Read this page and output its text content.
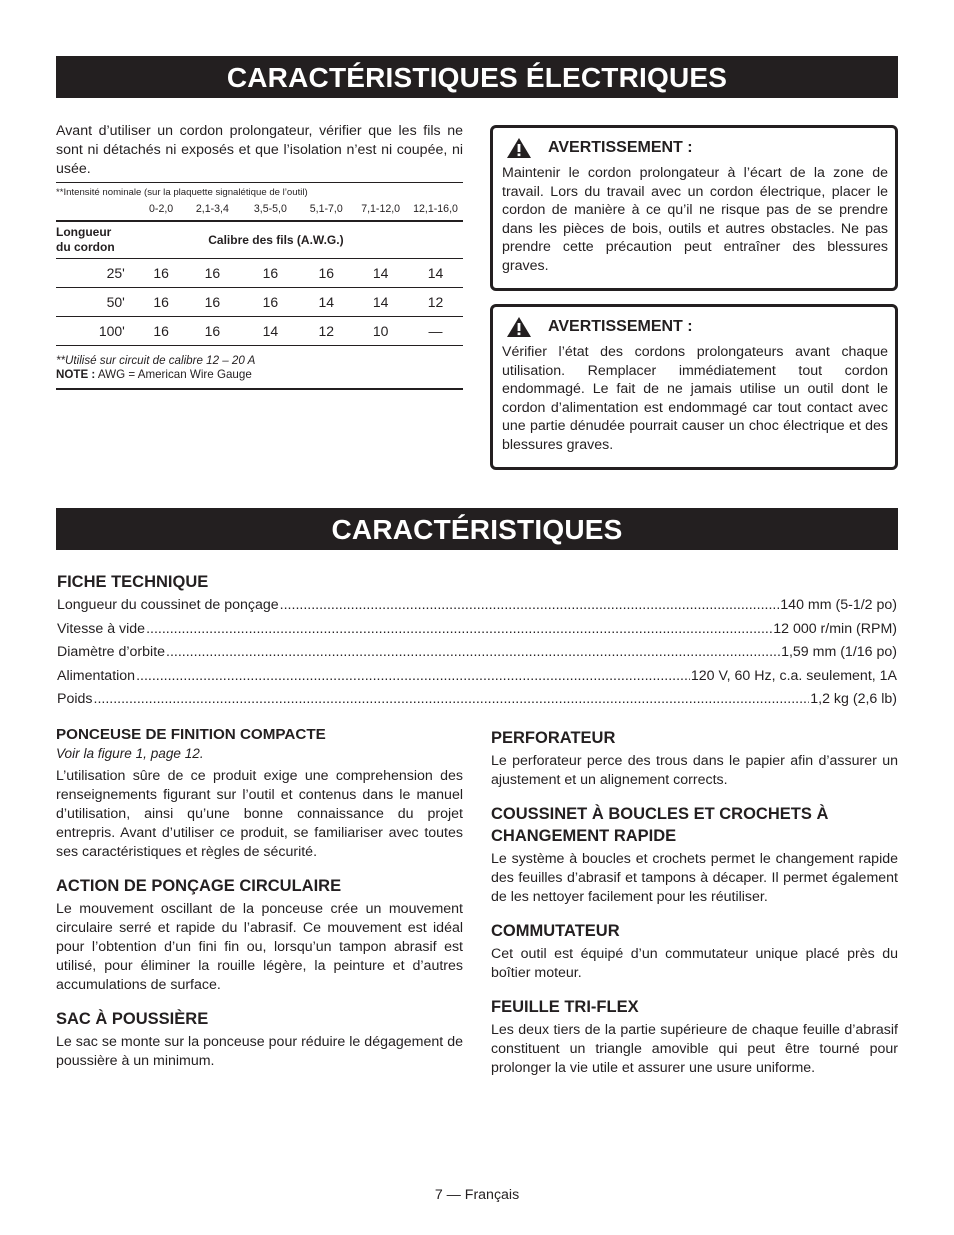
CARACTÉRISTIQUES ÉLECTRIQUES

Avant d’utiliser un cordon prolongateur, vérifier que les fils ne sont ni détachés ni exposés et que l’isolation n’est ni coupée, ni usée.

**Intensité nominale (sur la plaquette signalétique de l’outil)						
	0-2,0	2,1-3,4	3,5-5,0	5,1-7,0	7,1-12,0	12,1-16,0

Longueur
du cordon	Calibre des fils (A.W.G.)					
25'	16	16	16	16	14	14
50'	16	16	16	14	14	12
100'	16	16	14	12	10	—

**Utilisé sur circuit de calibre 12 – 20 A
NOTE : AWG = American Wire Gauge						
AVERTISSEMENT :

Maintenir le cordon prolongateur à l’écart de la zone de travail. Lors du travail avec un cordon électrique, placer le cordon de manière à ce qu’il ne risque pas de se prendre dans les pièces de bois, outils et autres obstacles. Ne pas prendre cette précaution peut entraîner des blessures graves.

AVERTISSEMENT :

Vérifier l’état des cordons prolongateurs avant chaque utilisation. Remplacer immédiatement tout cordon endommagé. Le fait de ne jamais utilise un outil dont le cordon d’alimentation est endommagé car tout contact avec une partie dénudée pourrait causer un choc électrique et des blessures graves.

CARACTÉRISTIQUES
FICHE TECHNIQUE
Longueur du coussinet de ponçage .....	140 mm (5-1/2 po)
Vitesse à vide .....	12 000 r/min (RPM)
Diamètre d’orbite .....	1,59 mm (1/16 po)
Alimentation .....	120 V, 60 Hz, c.a. seulement, 1A
Poids .....	1,2 kg (2,6 lb)
PONCEUSE DE FINITION COMPACTE

Voir la figure 1, page 12.

L’utilisation sûre de ce produit exige une comprehension des renseignements figurant sur l’outil et contenus dans le manuel d’utilisation, ainsi qu’une bonne connaissance du projet entrepris. Avant d’utiliser ce produit, se familiariser avec toutes ses caractéristiques et règles de sécurité.

ACTION DE PONÇAGE CIRCULAIRE

Le mouvement oscillant de la ponceuse crée un mouvement circulaire serré et rapide du l’abrasif. Ce mouvement est idéal pour l’obtention d’un fini fin ou, lorsqu’un tampon abrasif est utilisé, pour éliminer la rouille légère, la peinture et d’autres accumulations de surface.

SAC À POUSSIÈRE

Le sac se monte sur la ponceuse pour réduire le dégagement de poussière à un minimum.

PERFORATEUR

Le perforateur perce des trous dans le papier afin d’assurer un ajustement et un alignement corrects.

COUSSINET À BOUCLES ET CROCHETS À CHANGEMENT RAPIDE

Le système à boucles et crochets permet le changement rapide des feuilles d’abrasif et tampons à décaper. Il permet également de les nettoyer facilement pour les réutiliser.

COMMUTATEUR

Cet outil est équipé d’un commutateur unique placé près du boîtier moteur.

FEUILLE TRI-FLEX

Les deux tiers de la partie supérieure de chaque feuille d’abrasif constituent un triangle amovible qui peut être tourné pour prolonger la vie utile et assurer une usure uniforme.

7 — Français
